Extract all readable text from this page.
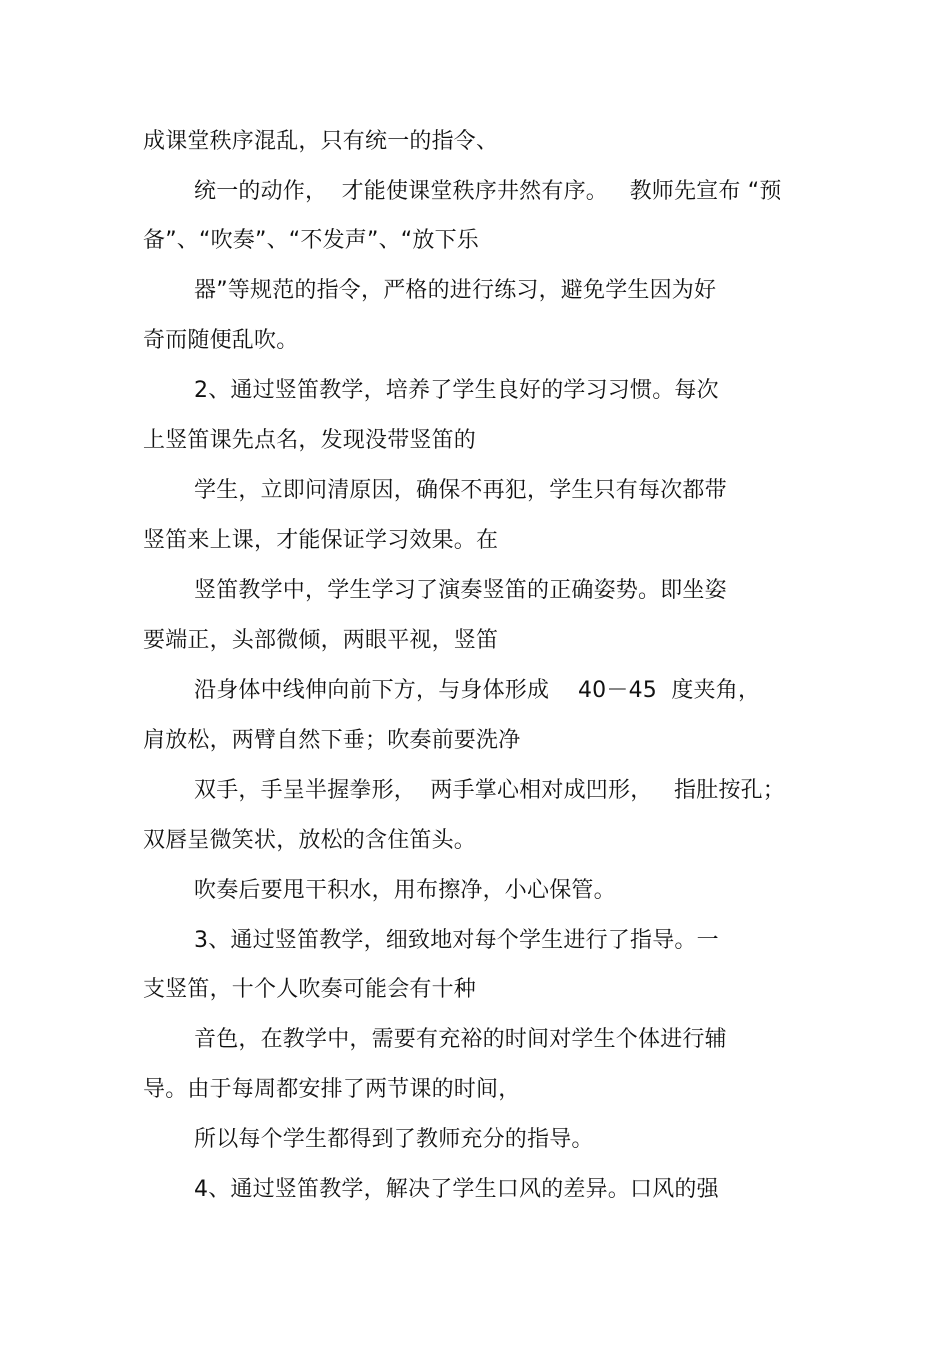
成课堂秩序混乱，只有统一的指令、
统一的动作，  才能使课堂秩序井然有序。   教师先宣布 “预
备”、“吹奏”、“不发声”、“放下乐
器”等规范的指令，严格的进行练习，避免学生因为好
奇而随便乱吹。
2、通过竖笛教学，培养了学生良好的学习习惯。每次
上竖笛课先点名，发现没带竖笛的
学生，立即问清原因，确保不再犯，学生只有每次都带
竖笛来上课，才能保证学习效果。在
竖笛教学中，学生学习了演奏竖笛的正确姿势。即坐姿
要端正，头部微倾，两眼平视，竖笛
沿身体中线伸向前下方，与身体形成    40－45  度夹角，
肩放松，两臂自然下垂；吹奏前要洗净
双手，手呈半握拳形，  两手掌心相对成凹形，   指肚按孔；
双唇呈微笑状，放松的含住笛头。
吹奏后要甩干积水，用布擦净，小心保管。
3、通过竖笛教学，细致地对每个学生进行了指导。一
支竖笛，十个人吹奏可能会有十种
音色，在教学中，需要有充裕的时间对学生个体进行辅
导。由于每周都安排了两节课的时间，
所以每个学生都得到了教师充分的指导。
4、通过竖笛教学，解决了学生口风的差异。口风的强
